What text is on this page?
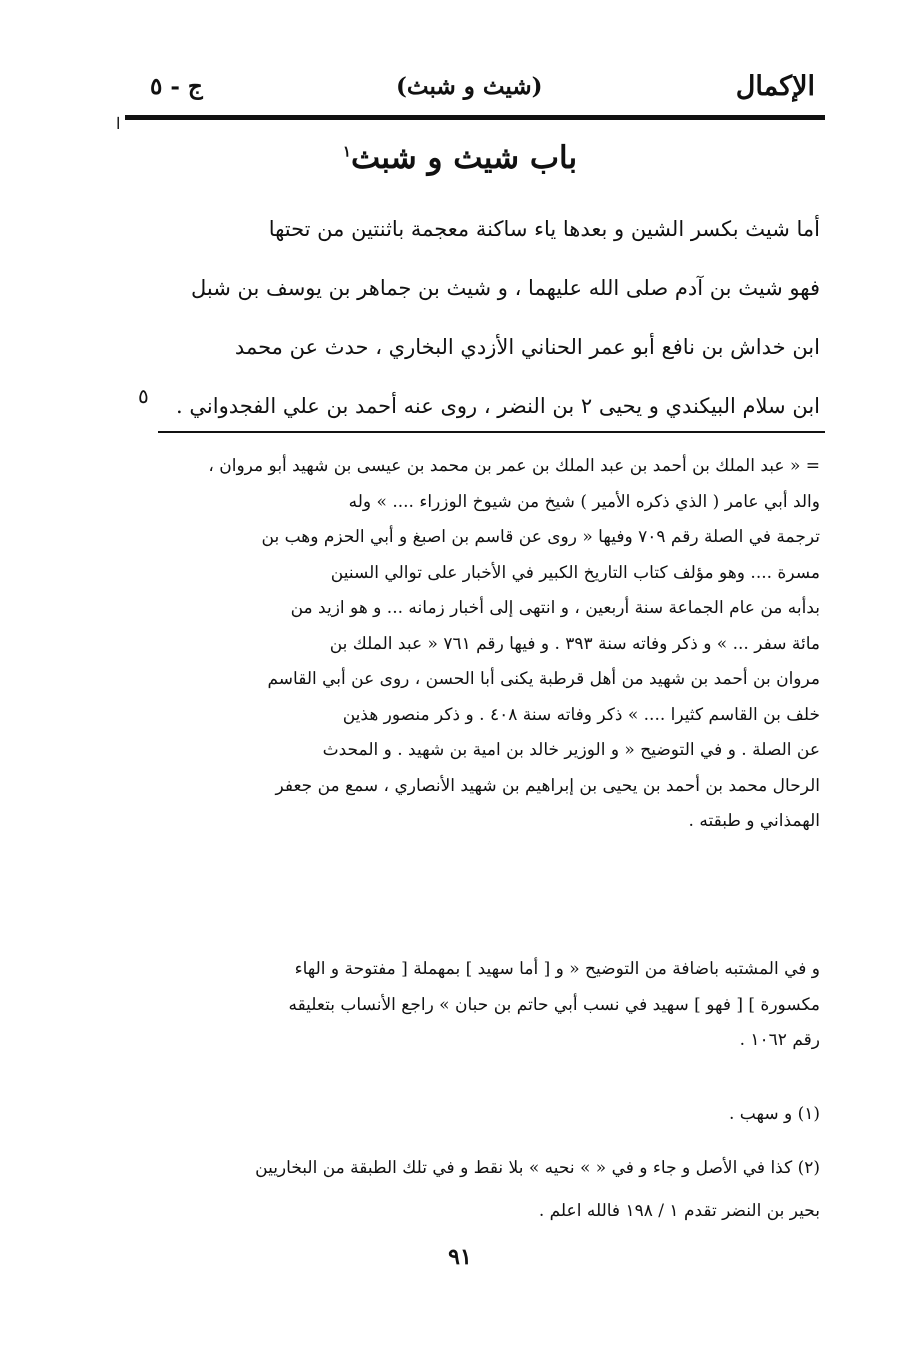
الإكمال
(شيث و شبث)
ج - ٥
ا
باب شيث و شبث$^١$

أما شيث بكسر الشين و بعدها ياء ساكنة معجمة باثنتين من تحتها
فهو شيث بن آدم صلى الله عليهما ، و شيث بن جماهر بن يوسف بن شبل
ابن خداش بن نافع أبو عمر الحناني الأزدي البخاري ، حدث عن محمد
ابن سلام البيكندي و يحيى ٢ بن النضر ، روى عنه أحمد بن علي الفجدواني .

٥

= « عبد الملك بن أحمد بن عبد الملك بن عمر بن محمد بن عيسى بن شهيد أبو مروان ،
والد أبي عامر ( الذي ذكره الأمير ) شيخ من شيوخ الوزراء .... » وله
ترجمة في الصلة رقم ٧٠٩ وفيها « روى عن قاسم بن اصبغ و أبي الحزم وهب بن
مسرة .... وهو مؤلف كتاب التاريخ الكبير في الأخبار على توالي السنين
بدأبه من عام الجماعة سنة أربعين ، و انتهى إلى أخبار زمانه ... و هو ازيد من
مائة سفر ... » و ذكر وفاته سنة ٣٩٣ . و فيها رقم ٧٦١ « عبد الملك بن
مروان بن أحمد بن شهيد من أهل قرطبة يكنى أبا الحسن ، روى عن أبي القاسم
خلف بن القاسم كثيرا .... » ذكر وفاته سنة ٤٠٨ . و ذكر منصور هذين
عن الصلة . و في التوضيح « و الوزير خالد بن امية بن شهيد . و المحدث
الرحال محمد بن أحمد بن يحيى بن إبراهيم بن شهيد الأنصاري ، سمع من جعفر
الهمذاني و طبقته .

و في المشتبه باضافة من التوضيح « و [ أما سهيد ] بمهملة [ مفتوحة و الهاء
مكسورة ] [ فهو ] سهيد في نسب أبي حاتم بن حبان » راجع الأنساب بتعليقه
رقم ١٠٦٢ .

(١) و سهب .

(٢) كذا في الأصل و جاء و في « » نحيه » بلا نقط و في تلك الطبقة من البخاريين
بحير بن النضر تقدم ١ / ١٩٨ فالله اعلم .

٩١
